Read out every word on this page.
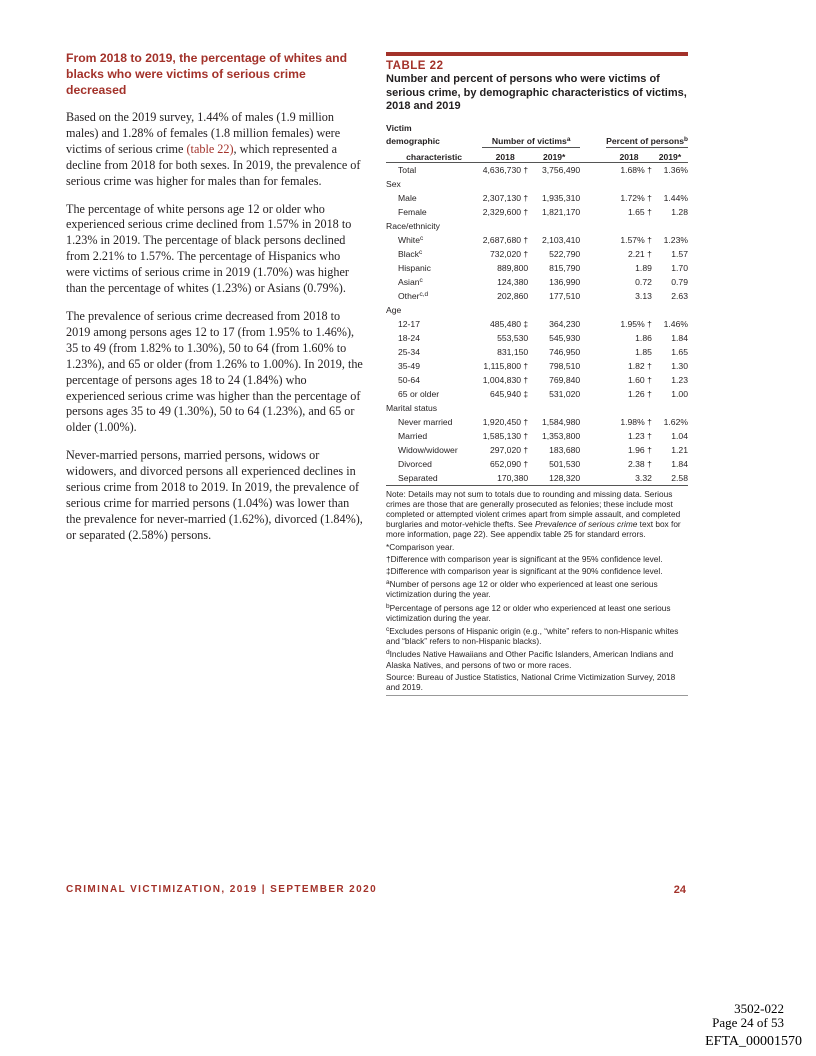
From 2018 to 2019, the percentage of whites and blacks who were victims of serious crime decreased

Based on the 2019 survey, 1.44% of males (1.9 million males) and 1.28% of females (1.8 million females) were victims of serious crime (table 22), which represented a decline from 2018 for both sexes. In 2019, the prevalence of serious crime was higher for males than for females.

The percentage of white persons age 12 or older who experienced serious crime declined from 1.57% in 2018 to 1.23% in 2019. The percentage of black persons declined from 2.21% to 1.57%. The percentage of Hispanics who were victims of serious crime in 2019 (1.70%) was higher than the percentage of whites (1.23%) or Asians (0.79%).

The prevalence of serious crime decreased from 2018 to 2019 among persons ages 12 to 17 (from 1.95% to 1.46%), 35 to 49 (from 1.82% to 1.30%), 50 to 64 (from 1.60% to 1.23%), and 65 or older (from 1.26% to 1.00%). In 2019, the percentage of persons ages 18 to 24 (1.84%) who experienced serious crime was higher than the percentage of persons ages 35 to 49 (1.30%), 50 to 64 (1.23%), and 65 or older (1.00%).

Never-married persons, married persons, widows or widowers, and divorced persons all experienced declines in serious crime from 2018 to 2019. In 2019, the prevalence of serious crime for married persons (1.04%) was lower than the prevalence for never-married (1.62%), divorced (1.84%), or separated (2.58%) persons.

TABLE 22
Number and percent of persons who were victims of serious crime, by demographic characteristics of victims, 2018 and 2019
Victim					
demographic	Number of victims$^a$			Percent of persons$^b$
characteristic	2018	2019*		2018	2019*
Total	4,636,730 †	3,756,490		1.68% †	1.36%
Sex					
Male	2,307,130 †	1,935,310		1.72% †	1.44%
Female	2,329,600 †	1,821,170		1.65 †	1.28
Race/ethnicity					
White$^c$	2,687,680 †	2,103,410		1.57% †	1.23%
Black$^c$	732,020 †	522,790		2.21 †	1.57
Hispanic	889,800	815,790		1.89	1.70
Asian$^c$	124,380	136,990		0.72	0.79
Other$^{c,d}$	202,860	177,510		3.13	2.63
Age					
12-17	485,480 ‡	364,230		1.95% †	1.46%
18-24	553,530	545,930		1.86	1.84
25-34	831,150	746,950		1.85	1.65
35-49	1,115,800 †	798,510		1.82 †	1.30
50-64	1,004,830 †	769,840		1.60 †	1.23
65 or older	645,940 ‡	531,020		1.26 †	1.00
Marital status					
Never married	1,920,450 †	1,584,980		1.98% †	1.62%
Married	1,585,130 †	1,353,800		1.23 †	1.04
Widow/widower	297,020 †	183,680		1.96 †	1.21
Divorced	652,090 †	501,530		2.38 †	1.84
Separated	170,380	128,320		3.32	2.58

Note: Details may not sum to totals due to rounding and missing data. Serious crimes are those that are generally prosecuted as felonies; these include most completed or attempted violent crimes apart from simple assault, and completed burglaries and motor-vehicle thefts. See Prevalence of serious crime text box for more information, page 22). See appendix table 25 for standard errors.

*Comparison year.

†Difference with comparison year is significant at the 95% confidence level.

‡Difference with comparison year is significant at the 90% confidence level.

$^a$Number of persons age 12 or older who experienced at least one serious victimization during the year.

$^b$Percentage of persons age 12 or older who experienced at least one serious victimization during the year.

$^c$Excludes persons of Hispanic origin (e.g., “white” refers to non-Hispanic whites and “black” refers to non-Hispanic blacks).

$^d$Includes Native Hawaiians and Other Pacific Islanders, American Indians and Alaska Natives, and persons of two or more races.

Source: Bureau of Justice Statistics, National Crime Victimization Survey, 2018 and 2019.

CRIMINAL VICTIMIZATION, 2019 | SEPTEMBER 2020	24
3502-022
Page 24 of 53
EFTA_00001570
